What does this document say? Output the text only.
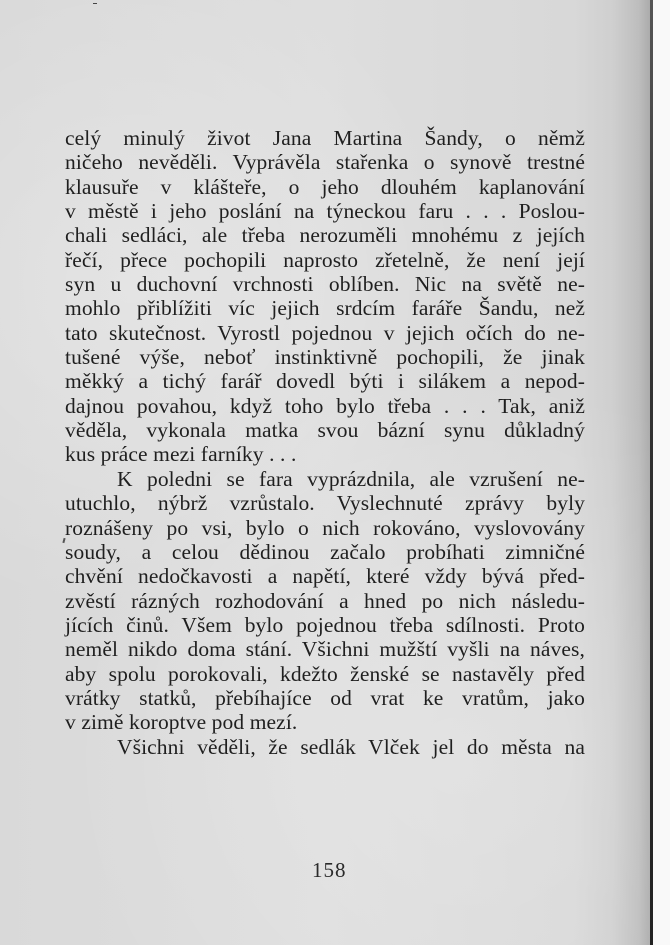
celý minulý život Jana Martina Šandy, o němž
ničeho nevěděli. Vyprávěla stařenka o synově trestné
klausuře v klášteře, o jeho dlouhém kaplanování
v městě i jeho poslání na týneckou faru . . . Poslou-
chali sedláci, ale třeba nerozuměli mnohému z jejích
řečí, přece pochopili naprosto zřetelně, že není její
syn u duchovní vrchnosti oblíben. Nic na světě ne-
mohlo přiblížiti víc jejich srdcím faráře Šandu, než
tato skutečnost. Vyrostl pojednou v jejich očích do ne-
tušené výše, neboť instinktivně pochopili, že jinak
měkký a tichý farář dovedl býti i silákem a nepod-
dajnou povahou, když toho bylo třeba . . . Tak, aniž
věděla, vykonala matka svou bázní synu důkladný
kus práce mezi farníky . . .
K poledni se fara vyprázdnila, ale vzrušení ne-
utuchlo, nýbrž vzrůstalo. Vyslechnuté zprávy byly
roznášeny po vsi, bylo o nich rokováno, vyslovovány
soudy, a celou dědinou začalo probíhati zimničné
chvění nedočkavosti a napětí, které vždy bývá před-
zvěstí rázných rozhodování a hned po nich následu-
jících činů. Všem bylo pojednou třeba sdílnosti. Proto
neměl nikdo doma stání. Všichni mužští vyšli na náves,
aby spolu porokovali, kdežto ženské se nastavěly před
vrátky statků, přebíhajíce od vrat ke vratům, jako
v zimě koroptve pod mezí.
Všichni věděli, že sedlák Vlček jel do města na
158
